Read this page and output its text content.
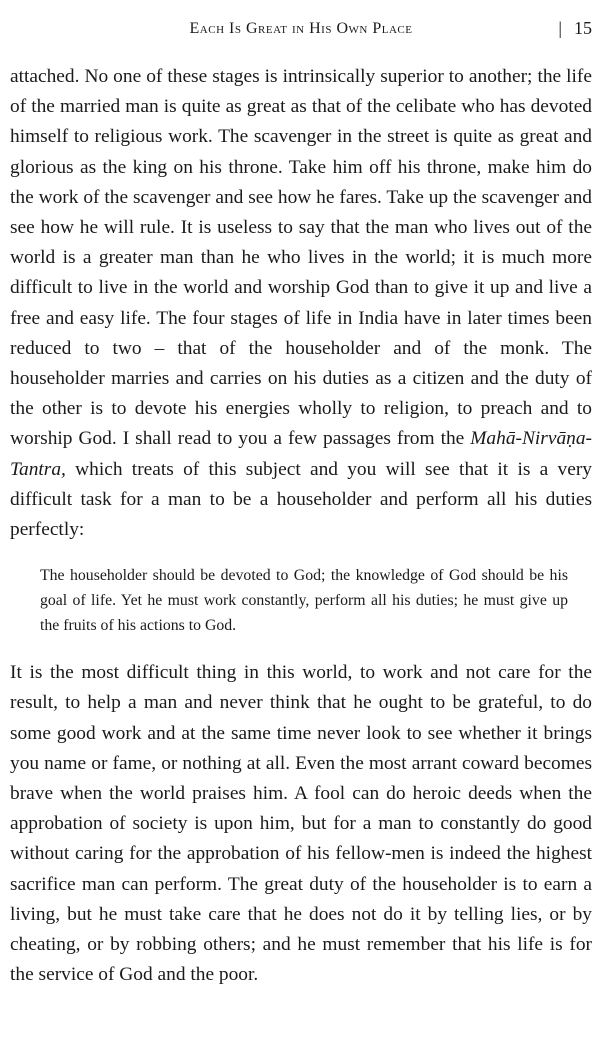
Each Is Great in His Own Place	| 15

attached. No one of these stages is intrinsically superior to another; the life of the married man is quite as great as that of the celibate who has devoted himself to religious work. The scavenger in the street is quite as great and glorious as the king on his throne. Take him off his throne, make him do the work of the scavenger and see how he fares. Take up the scavenger and see how he will rule. It is useless to say that the man who lives out of the world is a greater man than he who lives in the world; it is much more difficult to live in the world and worship God than to give it up and live a free and easy life. The four stages of life in India have in later times been reduced to two – that of the householder and of the monk. The householder marries and carries on his duties as a citizen and the duty of the other is to devote his energies wholly to religion, to preach and to worship God. I shall read to you a few passages from the Mahā-Nirvāṇa-Tantra, which treats of this subject and you will see that it is a very difficult task for a man to be a householder and perform all his duties perfectly:

The householder should be devoted to God; the knowledge of God should be his goal of life. Yet he must work constantly, perform all his duties; he must give up the fruits of his actions to God.

It is the most difficult thing in this world, to work and not care for the result, to help a man and never think that he ought to be grateful, to do some good work and at the same time never look to see whether it brings you name or fame, or nothing at all. Even the most arrant coward becomes brave when the world praises him. A fool can do heroic deeds when the approbation of society is upon him, but for a man to constantly do good without caring for the approbation of his fellow-men is indeed the highest sacrifice man can perform. The great duty of the householder is to earn a living, but he must take care that he does not do it by telling lies, or by cheating, or by robbing others; and he must remember that his life is for the service of God and the poor.
